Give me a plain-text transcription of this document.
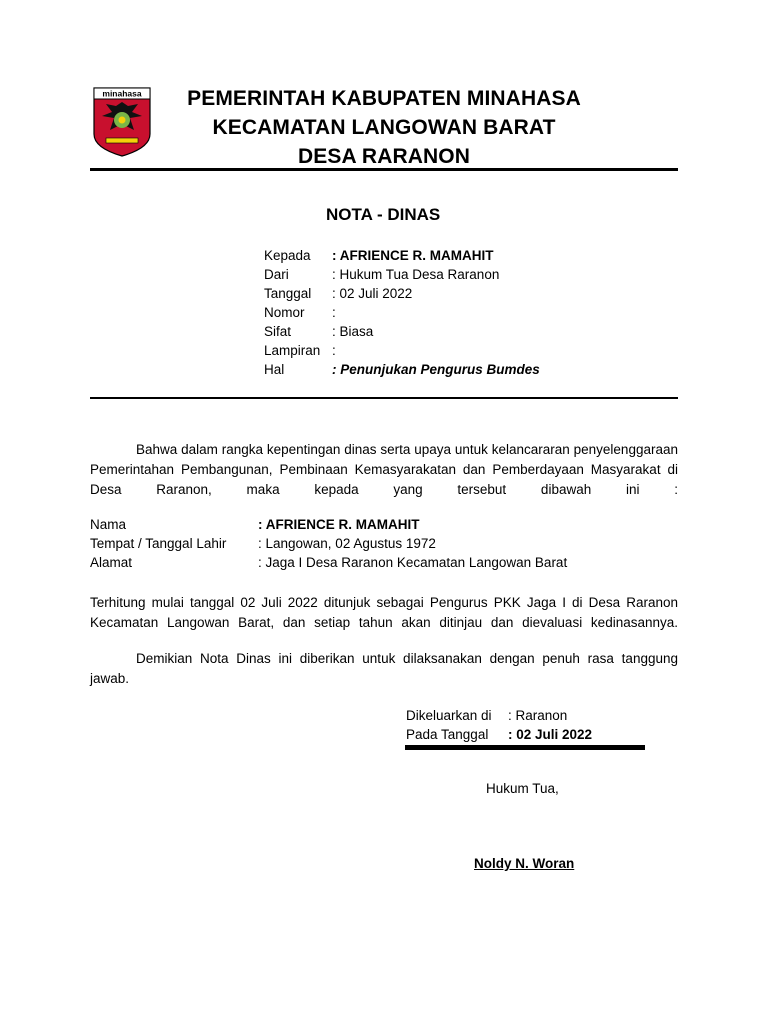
minahasa	PEMERINTAH KABUPATEN MINAHASA
KECAMATAN LANGOWAN BARAT
DESA RARANON
NOTA - DINAS
Kepada : AFRIENCE R. MAMAHIT
Dari	: Hukum Tua Desa Raranon
Tanggal : 02 Juli 2022
Nomor :
Sifat	: Biasa
Lampiran :
Hal	: Penunjukan Pengurus Bumdes
Bahwa dalam rangka kepentingan dinas serta upaya untuk kelancararan penyelenggaraan Pemerintahan Pembangunan, Pembinaan Kemasyarakatan dan Pemberdayaan Masyarakat di Desa Raranon, maka kepada yang tersebut dibawah ini :
Nama	: AFRIENCE R. MAMAHIT
Tempat / Tanggal Lahir : Langowan, 02 Agustus 1972
Alamat	: Jaga I Desa Raranon Kecamatan Langowan Barat
Terhitung mulai tanggal 02 Juli 2022 ditunjuk sebagai Pengurus PKK Jaga I di Desa Raranon Kecamatan Langowan Barat, dan setiap tahun akan ditinjau dan dievaluasi kedinasannya.
Demikian Nota Dinas ini diberikan untuk dilaksanakan dengan penuh rasa tanggung jawab.
Dikeluarkan di : Raranon
Pada Tanggal : 02 Juli 2022
Hukum Tua,
Noldy N. Woran
